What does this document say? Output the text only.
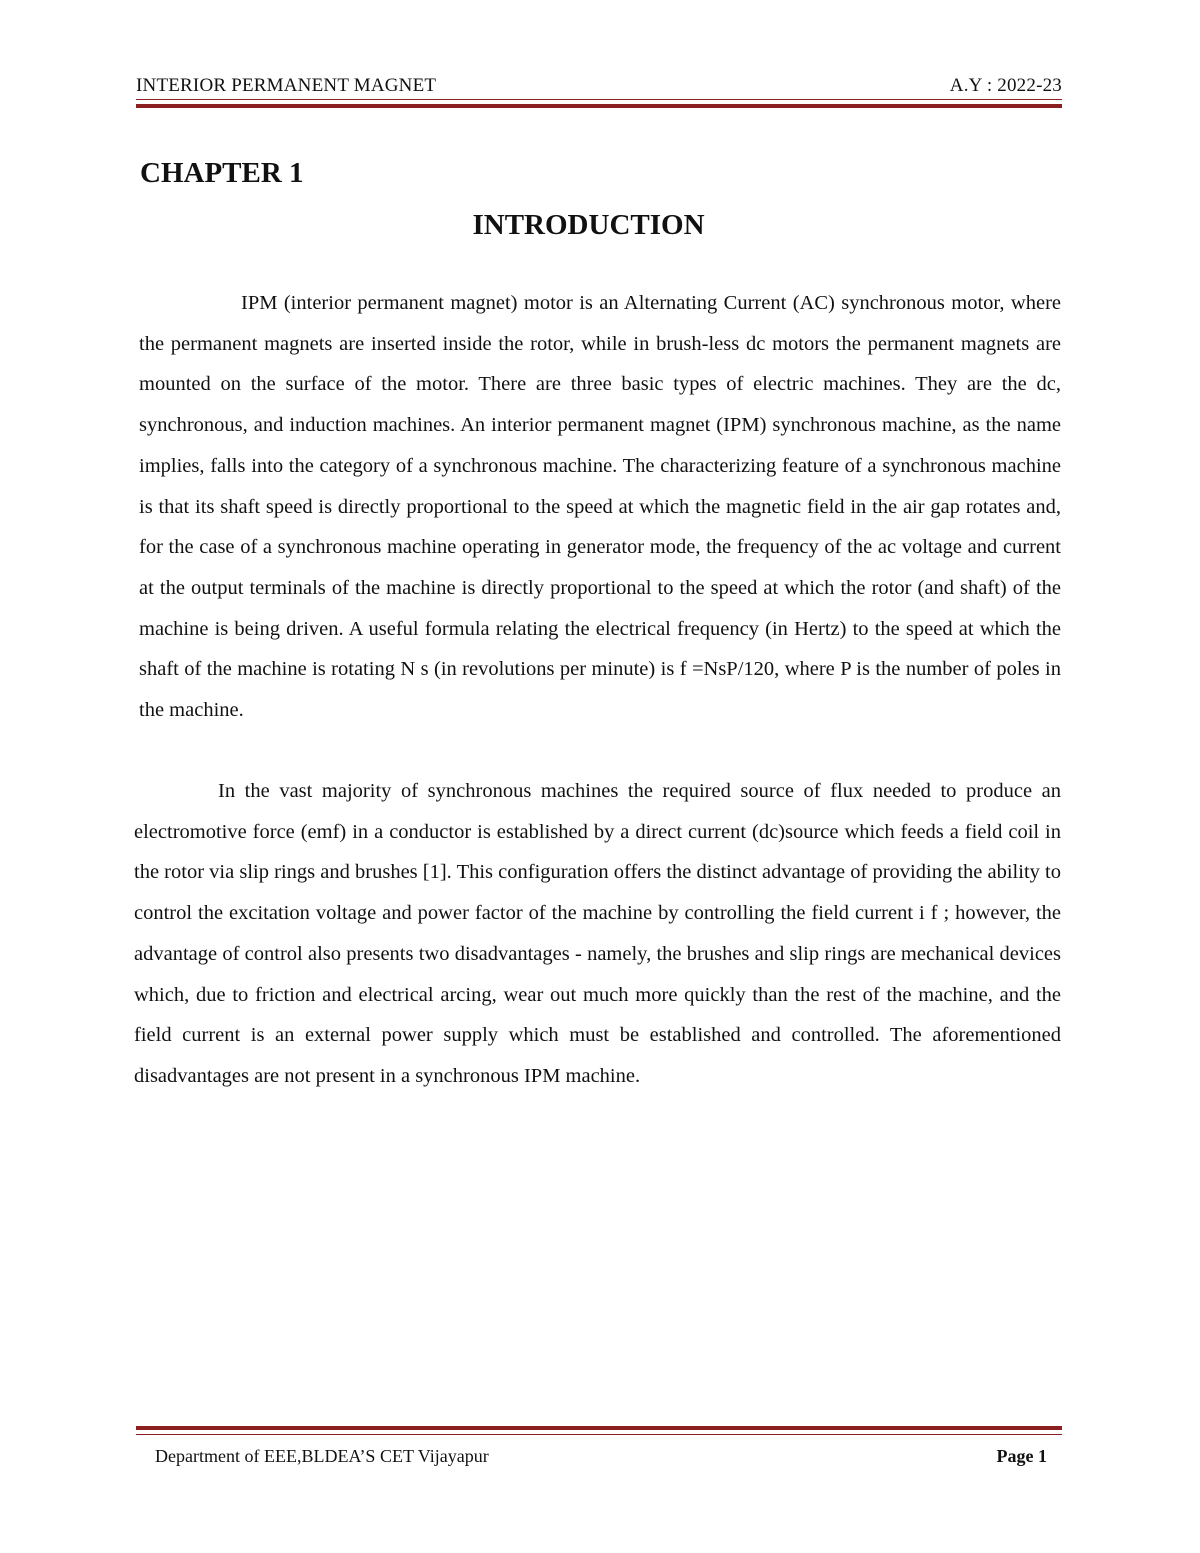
INTERIOR PERMANENT MAGNET	A.Y : 2022-23
CHAPTER 1
INTRODUCTION

IPM (interior permanent magnet) motor is an Alternating Current (AC) synchronous motor, where the permanent magnets are inserted inside the rotor, while in brush-less dc motors the permanent magnets are mounted on the surface of the motor. There are three basic types of electric machines. They are the dc, synchronous, and induction machines. An interior permanent magnet (IPM) synchronous machine, as the name implies, falls into the category of a synchronous machine. The characterizing feature of a synchronous machine is that its shaft speed is directly proportional to the speed at which the magnetic field in the air gap rotates and, for the case of a synchronous machine operating in generator mode, the frequency of the ac voltage and current at the output terminals of the machine is directly proportional to the speed at which the rotor (and shaft) of the machine is being driven. A useful formula relating the electrical frequency (in Hertz) to the speed at which the shaft of the machine is rotating N s (in revolutions per minute) is f =NsP/120, where P is the number of poles in the machine.

In the vast majority of synchronous machines the required source of flux needed to produce an electromotive force (emf) in a conductor is established by a direct current (dc)source which feeds a field coil in the rotor via slip rings and brushes [1]. This configuration offers the distinct advantage of providing the ability to control the excitation voltage and power factor of the machine by controlling the field current i f ; however, the advantage of control also presents two disadvantages - namely, the brushes and slip rings are mechanical devices which, due to friction and electrical arcing, wear out much more quickly than the rest of the machine, and the field current is an external power supply which must be established and controlled. The aforementioned disadvantages are not present in a synchronous IPM machine.

Department of EEE,BLDEA’S CET Vijayapur	Page 1
